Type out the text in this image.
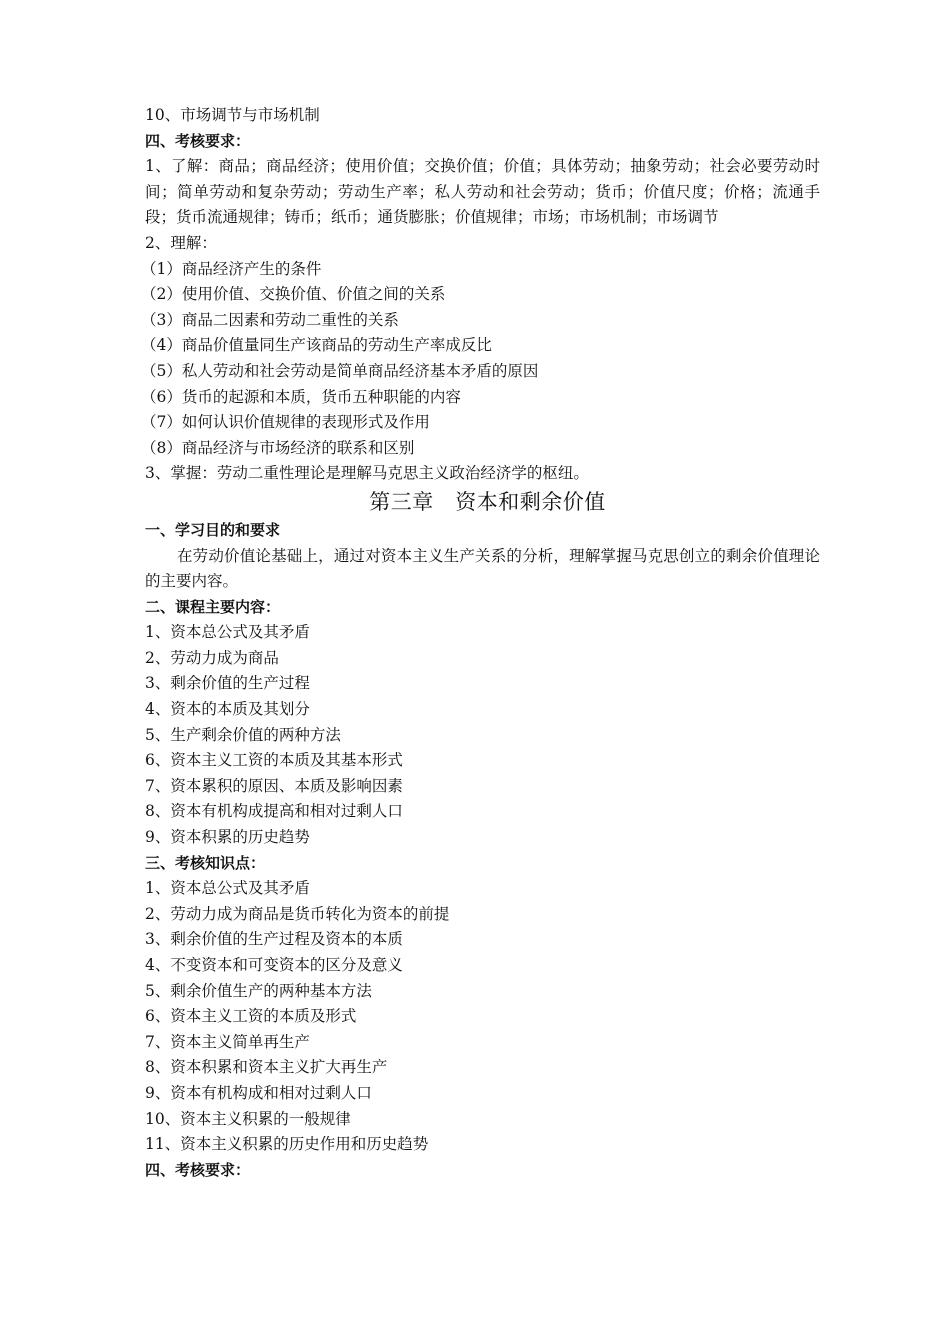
10、市场调节与市场机制
四、考核要求：
1、了解：商品；商品经济；使用价值；交换价值；价值；具体劳动；抽象劳动；社会必要劳动时间；简单劳动和复杂劳动；劳动生产率；私人劳动和社会劳动；货币；价值尺度；价格；流通手段；货币流通规律；铸币；纸币；通货膨胀；价值规律；市场；市场机制；市场调节
2、理解：
（1）商品经济产生的条件
（2）使用价值、交换价值、价值之间的关系
（3）商品二因素和劳动二重性的关系
（4）商品价值量同生产该商品的劳动生产率成反比
（5）私人劳动和社会劳动是简单商品经济基本矛盾的原因
（6）货币的起源和本质，货币五种职能的内容
（7）如何认识价值规律的表现形式及作用
（8）商品经济与市场经济的联系和区别
3、掌握：劳动二重性理论是理解马克思主义政治经济学的枢纽。
第三章　资本和剩余价值
一、学习目的和要求
在劳动价值论基础上，通过对资本主义生产关系的分析，理解掌握马克思创立的剩余价值理论的主要内容。
二、课程主要内容：
1、资本总公式及其矛盾
2、劳动力成为商品
3、剩余价值的生产过程
4、资本的本质及其划分
5、生产剩余价值的两种方法
6、资本主义工资的本质及其基本形式
7、资本累积的原因、本质及影响因素
8、资本有机构成提高和相对过剩人口
9、资本积累的历史趋势
三、考核知识点：
1、资本总公式及其矛盾
2、劳动力成为商品是货币转化为资本的前提
3、剩余价值的生产过程及资本的本质
4、不变资本和可变资本的区分及意义
5、剩余价值生产的两种基本方法
6、资本主义工资的本质及形式
7、资本主义简单再生产
8、资本积累和资本主义扩大再生产
9、资本有机构成和相对过剩人口
10、资本主义积累的一般规律
11、资本主义积累的历史作用和历史趋势
四、考核要求：
